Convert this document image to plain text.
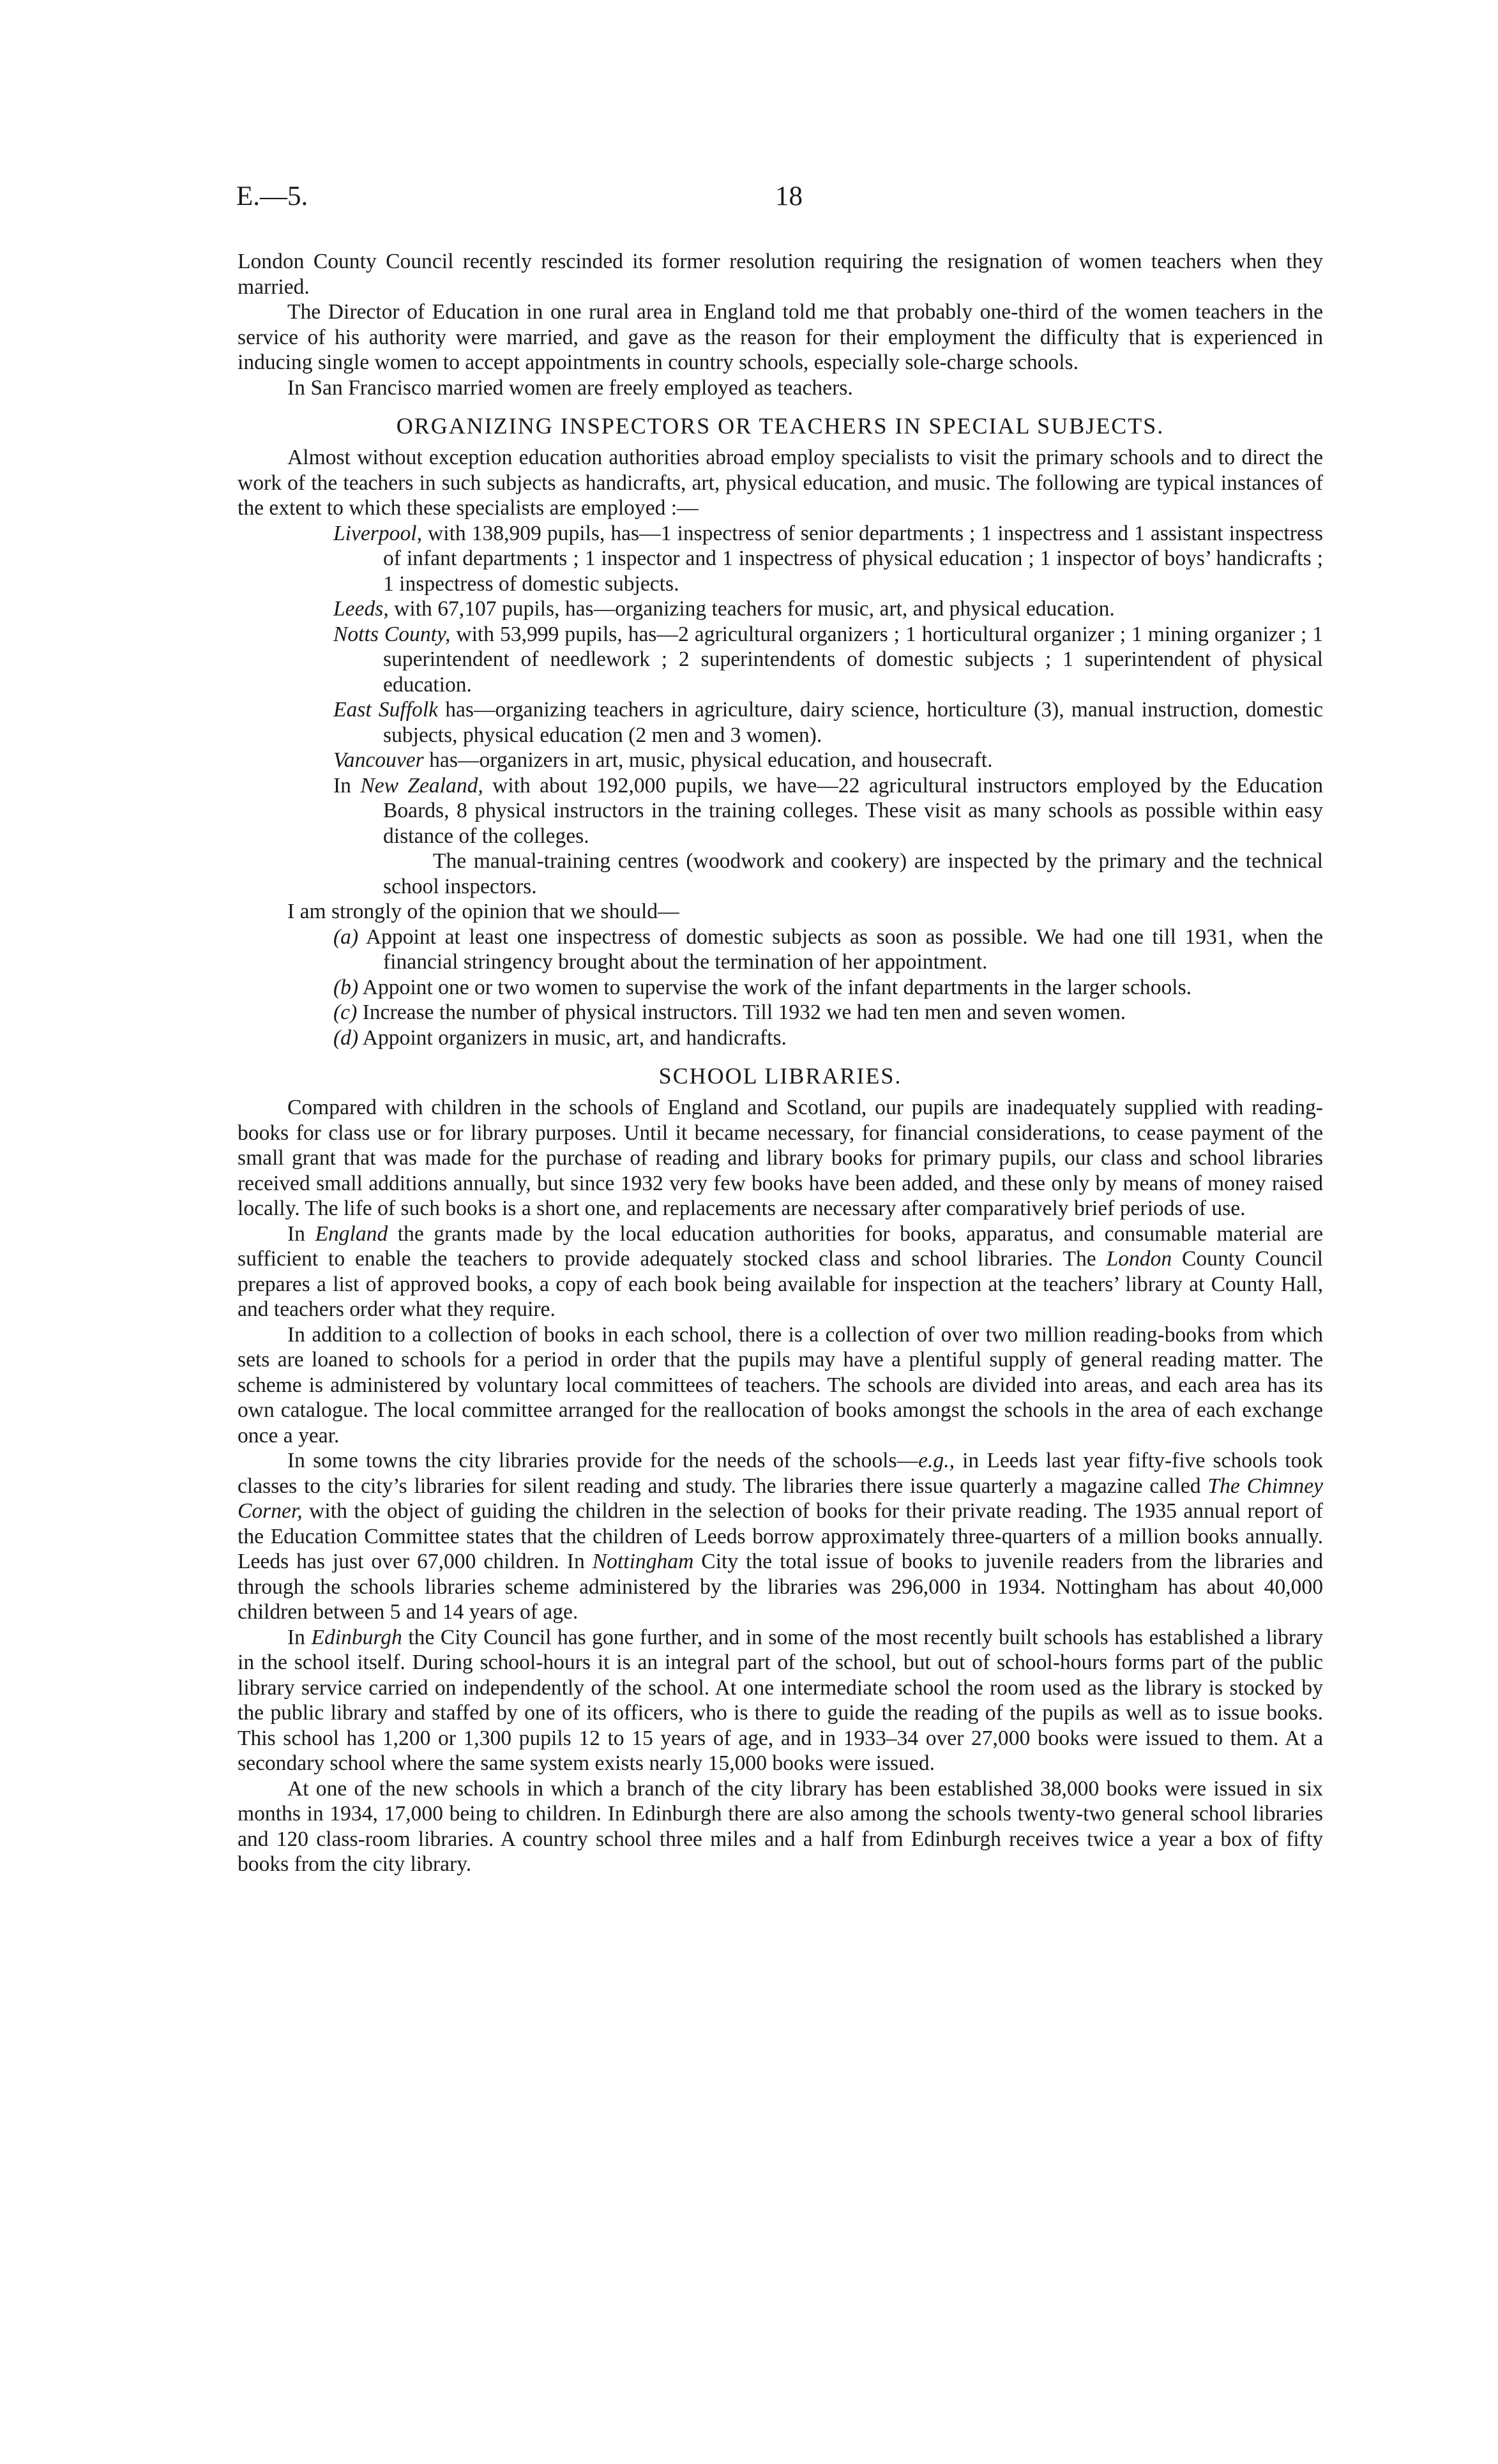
E.—5.	18

London County Council recently rescinded its former resolution requiring the resignation of women teachers when they married.

The Director of Education in one rural area in England told me that probably one-third of the women teachers in the service of his authority were married, and gave as the reason for their employment the difficulty that is experienced in inducing single women to accept appointments in country schools, especially sole-charge schools.

In San Francisco married women are freely employed as teachers.

ORGANIZING INSPECTORS OR TEACHERS IN SPECIAL SUBJECTS.

Almost without exception education authorities abroad employ specialists to visit the primary schools and to direct the work of the teachers in such subjects as handicrafts, art, physical education, and music. The following are typical instances of the extent to which these specialists are employed :—

Liverpool, with 138,909 pupils, has—1 inspectress of senior departments ; 1 inspectress and 1 assistant inspectress of infant departments ; 1 inspector and 1 inspectress of physical education ; 1 inspector of boys’ handicrafts ; 1 inspectress of domestic subjects.

Leeds, with 67,107 pupils, has—organizing teachers for music, art, and physical education.

Notts County, with 53,999 pupils, has—2 agricultural organizers ; 1 horticultural organizer ; 1 mining organizer ; 1 superintendent of needlework ; 2 superintendents of domestic subjects ; 1 superintendent of physical education.

East Suffolk has—organizing teachers in agriculture, dairy science, horticulture (3), manual instruction, domestic subjects, physical education (2 men and 3 women).

Vancouver has—organizers in art, music, physical education, and housecraft.

In New Zealand, with about 192,000 pupils, we have—22 agricultural instructors employed by the Education Boards, 8 physical instructors in the training colleges. These visit as many schools as possible within easy distance of the colleges.

The manual-training centres (woodwork and cookery) are inspected by the primary and the technical school inspectors.

I am strongly of the opinion that we should—

(a) Appoint at least one inspectress of domestic subjects as soon as possible. We had one till 1931, when the financial stringency brought about the termination of her appointment.

(b) Appoint one or two women to supervise the work of the infant departments in the larger schools.

(c) Increase the number of physical instructors. Till 1932 we had ten men and seven women.

(d) Appoint organizers in music, art, and handicrafts.

SCHOOL LIBRARIES.

Compared with children in the schools of England and Scotland, our pupils are inadequately supplied with reading-books for class use or for library purposes. Until it became necessary, for financial considerations, to cease payment of the small grant that was made for the purchase of reading and library books for primary pupils, our class and school libraries received small additions annually, but since 1932 very few books have been added, and these only by means of money raised locally. The life of such books is a short one, and replacements are necessary after comparatively brief periods of use.

In England the grants made by the local education authorities for books, apparatus, and consumable material are sufficient to enable the teachers to provide adequately stocked class and school libraries. The London County Council prepares a list of approved books, a copy of each book being available for inspection at the teachers’ library at County Hall, and teachers order what they require.

In addition to a collection of books in each school, there is a collection of over two million reading-books from which sets are loaned to schools for a period in order that the pupils may have a plentiful supply of general reading matter. The scheme is administered by voluntary local committees of teachers. The schools are divided into areas, and each area has its own catalogue. The local committee arranged for the reallocation of books amongst the schools in the area of each exchange once a year.

In some towns the city libraries provide for the needs of the schools—e.g., in Leeds last year fifty-five schools took classes to the city’s libraries for silent reading and study. The libraries there issue quarterly a magazine called The Chimney Corner, with the object of guiding the children in the selection of books for their private reading. The 1935 annual report of the Education Committee states that the children of Leeds borrow approximately three-quarters of a million books annually. Leeds has just over 67,000 children. In Nottingham City the total issue of books to juvenile readers from the libraries and through the schools libraries scheme administered by the libraries was 296,000 in 1934. Nottingham has about 40,000 children between 5 and 14 years of age.

In Edinburgh the City Council has gone further, and in some of the most recently built schools has established a library in the school itself. During school-hours it is an integral part of the school, but out of school-hours forms part of the public library service carried on independently of the school. At one intermediate school the room used as the library is stocked by the public library and staffed by one of its officers, who is there to guide the reading of the pupils as well as to issue books. This school has 1,200 or 1,300 pupils 12 to 15 years of age, and in 1933–34 over 27,000 books were issued to them. At a secondary school where the same system exists nearly 15,000 books were issued.

At one of the new schools in which a branch of the city library has been established 38,000 books were issued in six months in 1934, 17,000 being to children. In Edinburgh there are also among the schools twenty-two general school libraries and 120 class-room libraries. A country school three miles and a half from Edinburgh receives twice a year a box of fifty books from the city library.
